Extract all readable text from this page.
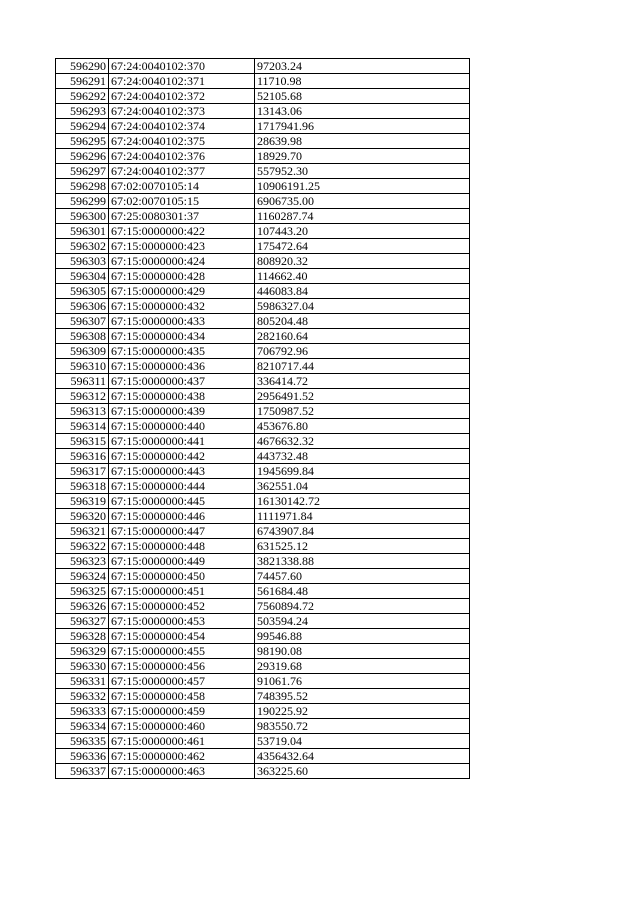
596290	67:24:0040102:370	97203.24
596291	67:24:0040102:371	11710.98
596292	67:24:0040102:372	52105.68
596293	67:24:0040102:373	13143.06
596294	67:24:0040102:374	1717941.96
596295	67:24:0040102:375	28639.98
596296	67:24:0040102:376	18929.70
596297	67:24:0040102:377	557952.30
596298	67:02:0070105:14	10906191.25
596299	67:02:0070105:15	6906735.00
596300	67:25:0080301:37	1160287.74
596301	67:15:0000000:422	107443.20
596302	67:15:0000000:423	175472.64
596303	67:15:0000000:424	808920.32
596304	67:15:0000000:428	114662.40
596305	67:15:0000000:429	446083.84
596306	67:15:0000000:432	5986327.04
596307	67:15:0000000:433	805204.48
596308	67:15:0000000:434	282160.64
596309	67:15:0000000:435	706792.96
596310	67:15:0000000:436	8210717.44
596311	67:15:0000000:437	336414.72
596312	67:15:0000000:438	2956491.52
596313	67:15:0000000:439	1750987.52
596314	67:15:0000000:440	453676.80
596315	67:15:0000000:441	4676632.32
596316	67:15:0000000:442	443732.48
596317	67:15:0000000:443	1945699.84
596318	67:15:0000000:444	362551.04
596319	67:15:0000000:445	16130142.72
596320	67:15:0000000:446	1111971.84
596321	67:15:0000000:447	6743907.84
596322	67:15:0000000:448	631525.12
596323	67:15:0000000:449	3821338.88
596324	67:15:0000000:450	74457.60
596325	67:15:0000000:451	561684.48
596326	67:15:0000000:452	7560894.72
596327	67:15:0000000:453	503594.24
596328	67:15:0000000:454	99546.88
596329	67:15:0000000:455	98190.08
596330	67:15:0000000:456	29319.68
596331	67:15:0000000:457	91061.76
596332	67:15:0000000:458	748395.52
596333	67:15:0000000:459	190225.92
596334	67:15:0000000:460	983550.72
596335	67:15:0000000:461	53719.04
596336	67:15:0000000:462	4356432.64
596337	67:15:0000000:463	363225.60
